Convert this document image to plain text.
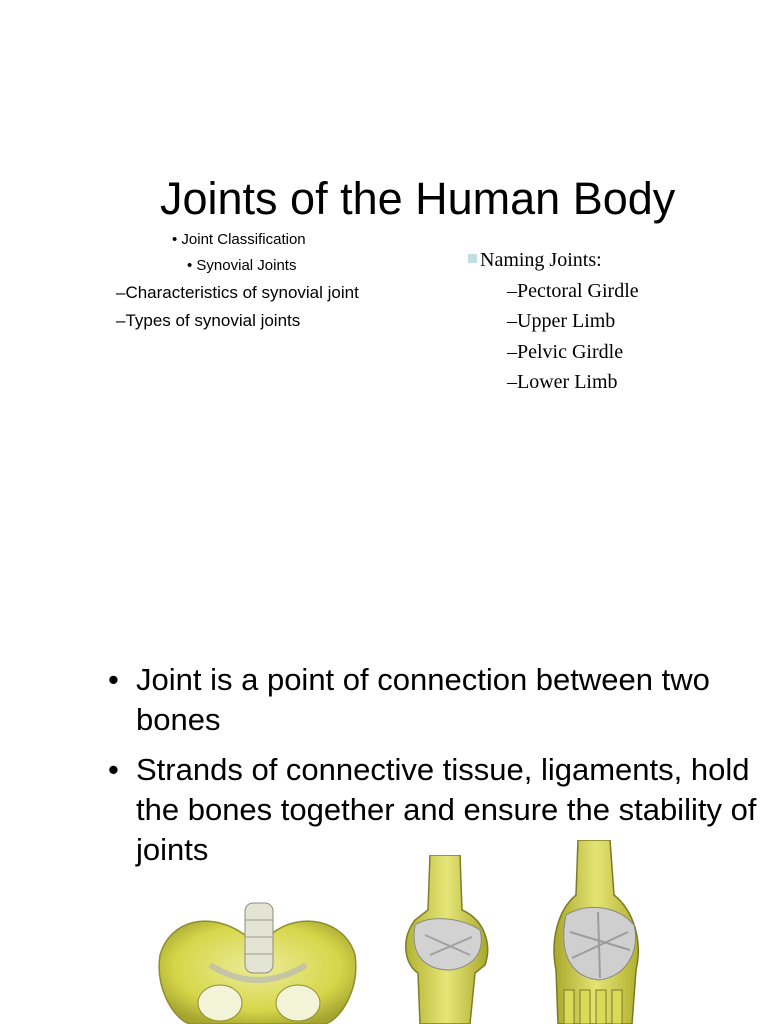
Joints of the Human Body
• Joint Classification
• Synovial Joints
–Characteristics of synovial joint
–Types of synovial joints
Naming Joints:
–Pectoral Girdle
–Upper Limb
–Pelvic Girdle
–Lower Limb
• Joint is a point of connection between two bones
• Strands of connective tissue, ligaments, hold the bones together and ensure the stability of joints
